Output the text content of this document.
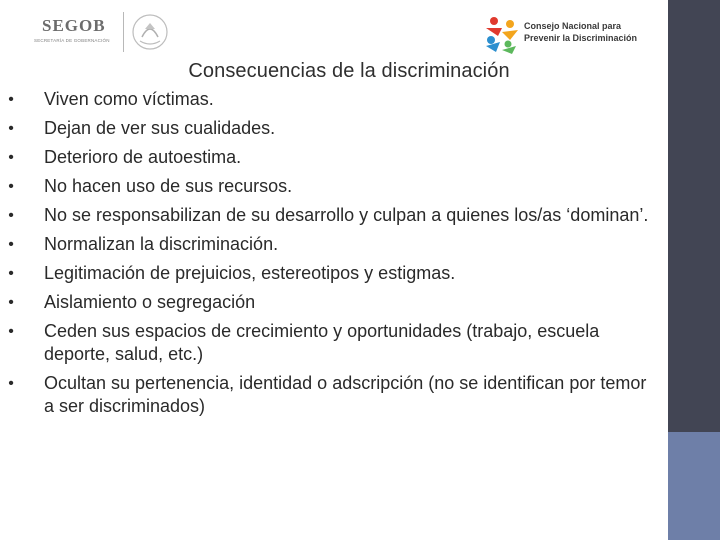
SEGOB
SECRETARÍA DE GOBERNACIÓN
Consejo Nacional para
Prevenir la Discriminación
Consecuencias de la discriminación
• Viven como víctimas.
• Dejan de ver sus cualidades.
• Deterioro de autoestima.
• No hacen uso de sus recursos.
• No se responsabilizan de su desarrollo y culpan a quienes los/as ‘dominan’.
• Normalizan la discriminación.
• Legitimación de prejuicios, estereotipos y estigmas.
• Aislamiento o segregación
• Ceden sus espacios de crecimiento y oportunidades (trabajo, escuela deporte, salud, etc.)
• Ocultan su pertenencia, identidad o adscripción (no se identifican por temor a ser discriminados)
